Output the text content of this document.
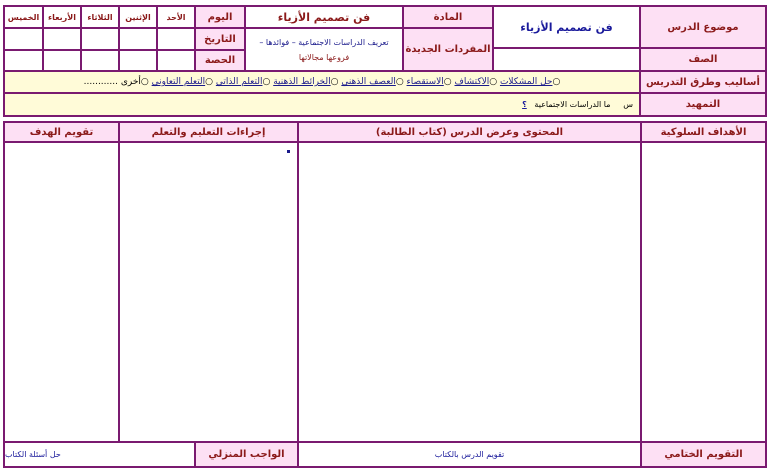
موضوع الدرس
الصف
فن تصميم الأزياء
المادة
المفردات الجديدة
فن تصميم الأزياء
تعريف الدراسات الاجتماعية – فوائدها –
فروعها مجالاتها
اليوم
التاريخ
الحصة
الأحد
الإثنين
الثلاثاء
الأربعاء
الخميس
أساليب وطرق التدريس
○حل المشكلات ○الاكتشاف ○الاستقصاء ○العصف الذهني ○الخرائط الذهنية ○التعلم الذاتي ○التعلم التعاوني ○أخرى ............
التمهيد
س     ما الدراسات الاجتماعية   ؟
الأهداف السلوكية
المحتوى وعرض الدرس (كتاب الطالبة)
إجراءات التعليم والتعلم
تقويم الهدف
التقويم الختامي
تقويم الدرس بالكتاب
الواجب المنزلي
حل أسئلة الكتاب
